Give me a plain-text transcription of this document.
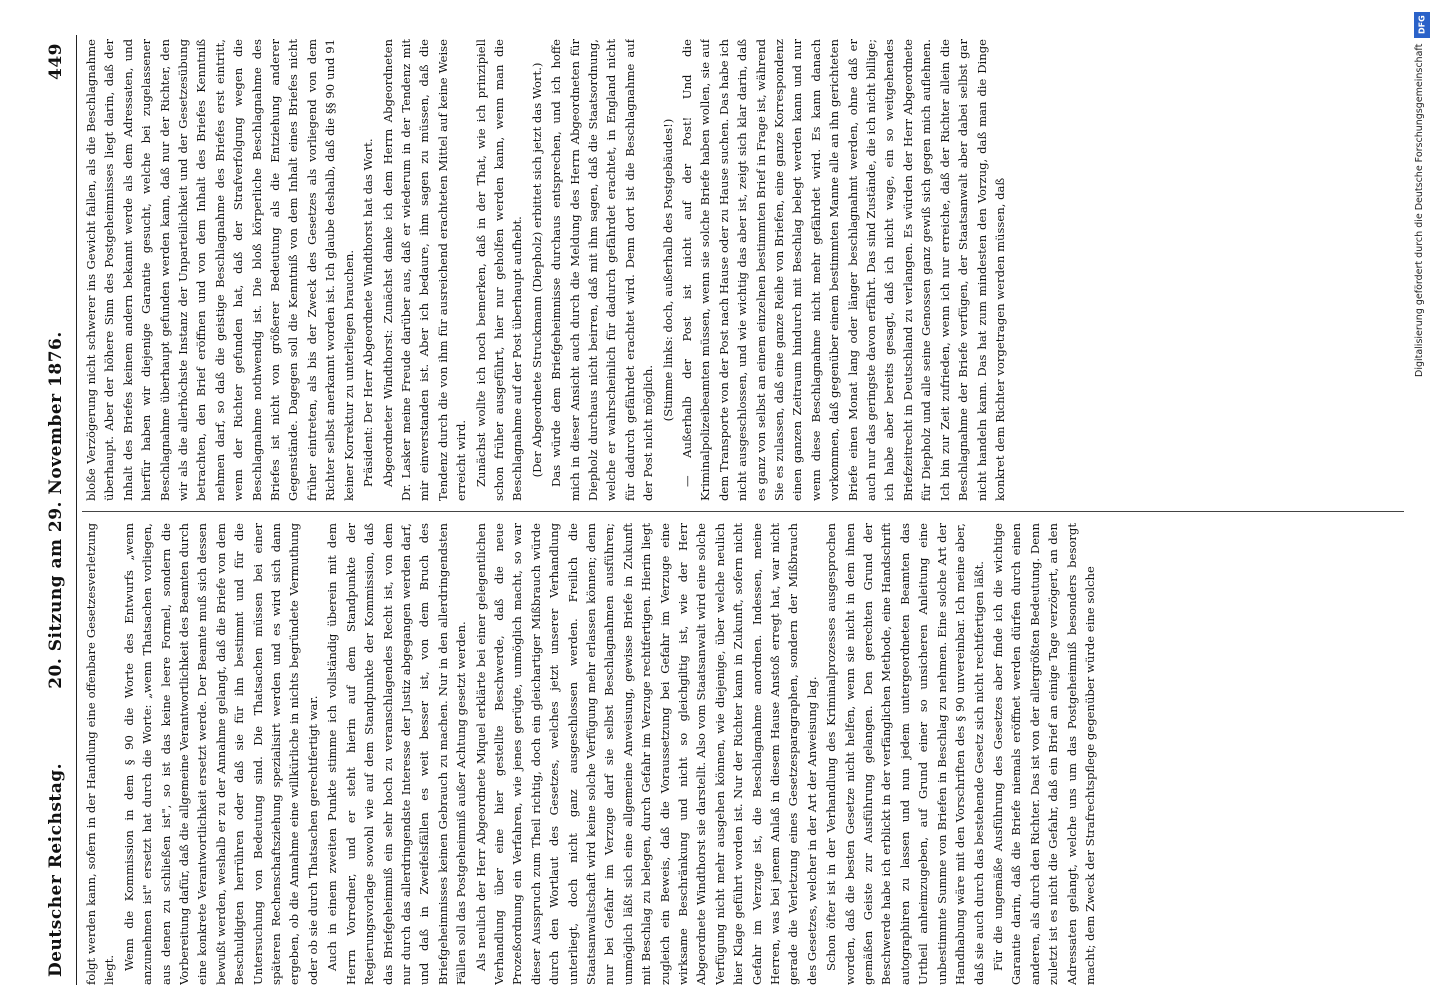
Deutscher Reichstag.
20. Sitzung am 29. November 1876.
449

folgt werden kann, sofern in der Handlung eine offenbare Gesetzesverletzung liegt. Wenn die Kommission in dem § 90 die Worte des Entwurfs „wenn anzunehmen ist" ersetzt hat durch die Worte: „wenn Thatsachen vorliegen, aus denen zu schließen ist", so ist das keine leere Formel, sondern die Vorbereitung dafür, daß die allgemeine Verantwortlichkeit des Beamten durch eine konkrete Verantwortlichkeit ersetzt werde. Der Beamte muß sich dessen bewußt werden, weshalb er zu der Annahme gelangt, daß die Briefe von dem Beschuldigten herrühren oder daß sie für ihn bestimmt und für die Untersuchung von Bedeutung sind. Die Thatsachen müssen bei einer späteren Rechenschaftsziehung spezialisirt werden und es wird sich dann ergeben, ob die Annahme eine willkürliche in nichts begründete Vermuthung oder ob sie durch Thatsachen gerechtfertigt war. Auch in einem zweiten Punkte stimme ich vollständig überein mit dem Herrn Vorredner, und er steht hierin auf dem Standpunkte der Regierungsvorlage sowohl wie auf dem Standpunkte der Kommission, daß das Briefgeheimniß ein sehr hoch zu veranschlagendes Recht ist, von dem nur durch das allerdringendste Interesse der Justiz abgegangen werden darf, und daß in Zweifelsfällen es weit besser ist, von dem Bruch des Briefgeheimnisses keinen Gebrauch zu machen. Nur in den allerdringendsten Fällen soll das Postgeheimniß außer Achtung gesetzt werden. Als neulich der Herr Abgeordnete Miquel erklärte bei einer gelegentlichen Verhandlung über eine hier gestellte Beschwerde, daß die neue Prozeßordnung ein Verfahren, wie jenes gerügte, unmöglich macht, so war dieser Ausspruch zum Theil richtig, doch ein gleichartiger Mißbrauch würde durch den Wortlaut des Gesetzes, welches jetzt unserer Verhandlung unterliegt, doch nicht ganz ausgeschlossen werden. Freilich die Staatsanwaltschaft wird keine solche Verfügung mehr erlassen können; denn nur bei Gefahr im Verzuge darf sie selbst Beschlagnahmen ausführen; unmöglich läßt sich eine allgemeine Anweisung, gewisse Briefe in Zukunft mit Beschlag zu belegen, durch Gefahr im Verzuge rechtfertigen. Hierin liegt zugleich ein Beweis, daß die Voraussetzung bei Gefahr im Verzuge eine wirksame Beschränkung und nicht so gleichgiltig ist, wie der Herr Abgeordnete Windthorst sie darstellt. Also vom Staatsanwalt wird eine solche Verfügung nicht mehr ausgehen können, wie diejenige, über welche neulich hier Klage geführt worden ist. Nur der Richter kann in Zukunft, sofern nicht Gefahr im Verzuge ist, die Beschlagnahme anordnen. Indessen, meine Herren, was bei jenem Anlaß in diesem Hause Anstoß erregt hat, war nicht gerade die Verletzung eines Gesetzesparagraphen, sondern der Mißbrauch des Gesetzes, welcher in der Art der Anweisung lag. Schon öfter ist in der Verhandlung des Kriminalprozesses ausgesprochen worden, daß die besten Gesetze nicht helfen, wenn sie nicht in dem ihnen gemäßen Geiste zur Ausführung gelangen. Den gerechten Grund der Beschwerde habe ich erblickt in der verfänglichen Methode, eine Handschrift autographiren zu lassen und nun jedem untergeordneten Beamten das Urtheil anheimzugeben, auf Grund einer so unsicheren Anleitung eine unbestimmte Summe von Briefen in Beschlag zu nehmen. Eine solche Art der Handhabung wäre mit den Vorschriften des § 90 unvereinbar. Ich meine aber, daß sie auch durch das bestehende Gesetz sich nicht rechtfertigen läßt. Für die ungemäße Ausführung des Gesetzes aber finde ich die wichtige Garantie darin, daß die Briefe niemals eröffnet werden dürfen durch einen anderen, als durch den Richter. Das ist von der allergrößten Bedeutung. Denn zuletzt ist es nicht die Gefahr, daß ein Brief an einige Tage verzögert, an den Adressaten gelangt, welche uns um das Postgeheimniß besonders besorgt macht; dem Zweck der Strafrechtspflege gegenüber würde eine solche

bloße Verzögerung nicht schwerer ins Gewicht fallen, als die Beschlagnahme überhaupt. Aber der höhere Sinn des Postgeheimnisses liegt darin, daß der Inhalt des Briefes keinem andern bekannt werde als dem Adressaten, und hierfür haben wir diejenige Garantie gesucht, welche bei zugelassener Beschlagnahme überhaupt gefunden werden kann, daß nur der Richter, den wir als die allerhöchste Instanz der Unparteilichkeit und der Gesetzesübung betrachten, den Brief eröffnen und von dem Inhalt des Briefes Kenntniß nehmen darf, so daß die geistige Beschlagnahme des Briefes erst eintritt, wenn der Richter gefunden hat, daß der Strafverfolgung wegen die Beschlagnahme nothwendig ist. Die bloß körperliche Beschlagnahme des Briefes ist nicht von größerer Bedeutung als die Entziehung anderer Gegenstände. Dagegen soll die Kenntniß von dem Inhalt eines Briefes nicht früher eintreten, als bis der Zweck des Gesetzes als vorliegend von dem Richter selbst anerkannt worden ist. Ich glaube deshalb, daß die §§ 90 und 91 keiner Korrektur zu unterliegen brauchen. Präsident: Der Herr Abgeordnete Windthorst hat das Wort. Abgeordneter Windthorst: Zunächst danke ich dem Herrn Abgeordneten Dr. Lasker meine Freude darüber aus, daß er wiederum in der Tendenz mit mir einverstanden ist. Aber ich bedaure, ihm sagen zu müssen, daß die Tendenz durch die von ihm für ausreichend erachteten Mittel auf keine Weise erreicht wird. Zunächst wollte ich noch bemerken, daß in der That, wie ich prinzipiell schon früher ausgeführt, hier nur geholfen werden kann, wenn man die Beschlagnahme auf der Post überhaupt aufhebt. (Der Abgeordnete Struckmann (Diepholz) erbittet sich jetzt das Wort.) Das würde dem Briefgeheimnisse durchaus entsprechen, und ich hoffe mich in dieser Ansicht auch durch die Meldung des Herrn Abgeordneten für Diepholz durchaus nicht beirren, daß mit ihm sagen, daß die Staatsordnung, welche er wahrscheinlich für dadurch gefährdet erachtet, in England nicht für dadurch gefährdet erachtet wird. Denn dort ist die Beschlagnahme auf der Post nicht möglich.

(Stimme links: doch, außerhalb des Postgebäudes!) — Außerhalb der Post ist nicht auf der Post! Und die Kriminalpolizeibeamten müssen, wenn sie solche Briefe haben wollen, sie auf dem Transporte von der Post nach Hause oder zu Hause suchen. Das habe ich nicht ausgeschlossen, und wie wichtig das aber ist, zeigt sich klar darin, daß es ganz von selbst an einem einzelnen bestimmten Brief in Frage ist, während Sie es zulassen, daß eine ganze Reihe von Briefen, eine ganze Korrespondenz einen ganzen Zeitraum hindurch mit Beschlag belegt werden kann und nur wenn diese Beschlagnahme nicht mehr gefährdet wird. Es kann danach vorkommen, daß gegenüber einem bestimmten Manne alle an ihn gerichteten Briefe einen Monat lang oder länger beschlagnahmt werden, ohne daß er auch nur das geringste davon erfährt. Das sind Zustände, die ich nicht billige; ich habe aber bereits gesagt, daß ich nicht wage, ein so weitgehendes Briefzeitrecht in Deutschland zu verlangen. Es würden der Herr Abgeordnete für Diepholz und alle seine Genossen ganz gewiß sich gegen mich auflehnen. Ich bin zur Zeit zufrieden, wenn ich nur erreiche, daß der Richter allein die Beschlagnahme der Briefe verfügen, der Staatsanwalt aber dabei selbst gar nicht handeln kann. Das hat zum mindesten den Vorzug, daß man die Dinge konkret dem Richter vorgetragen werden müssen, daß

DFG
Digitalisierung gefördert durch die Deutsche Forschungsgemeinschaft
